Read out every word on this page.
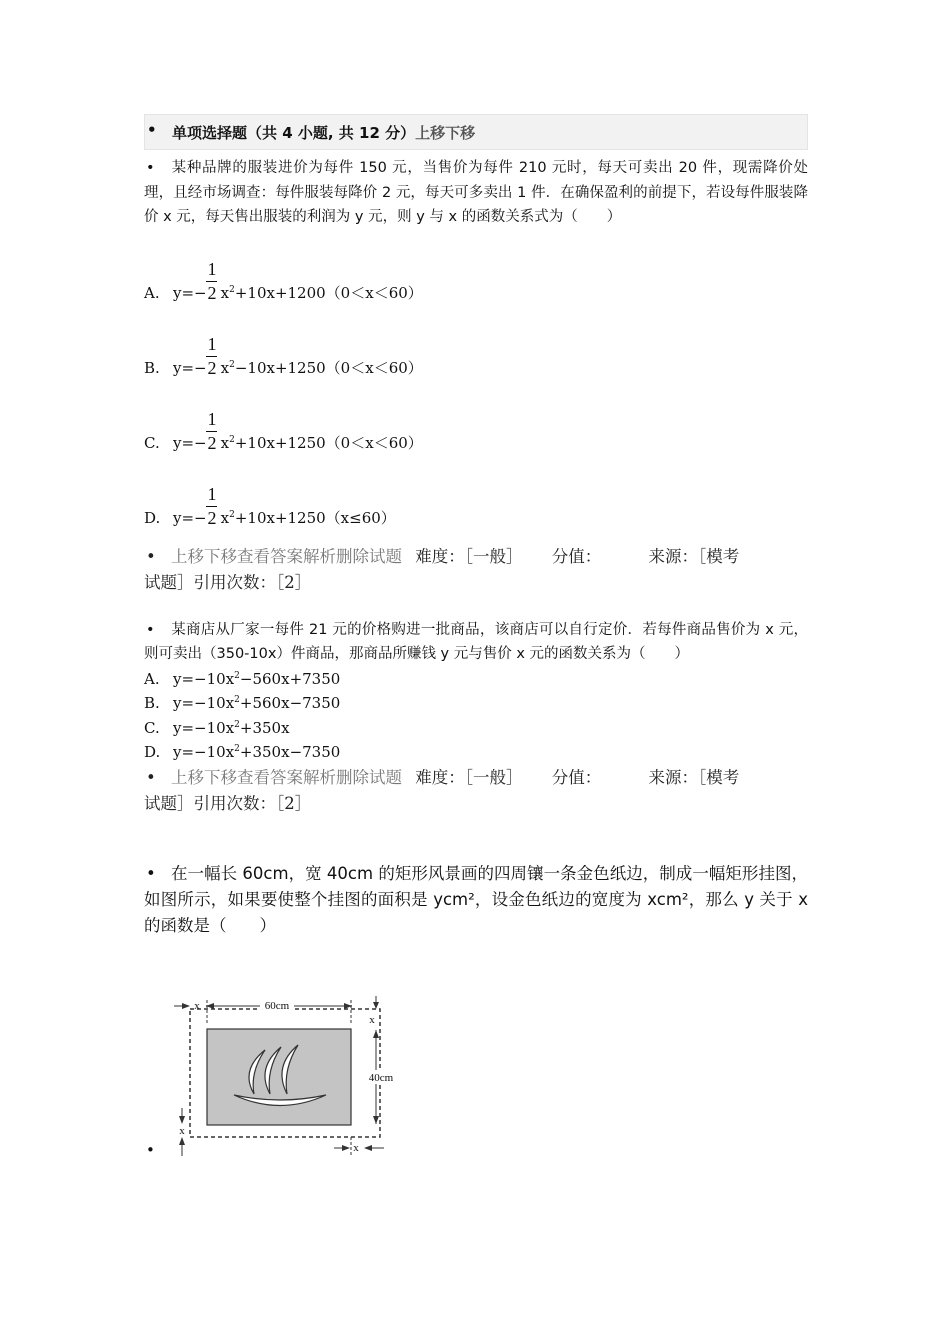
• 单项选择题（共 4 小题, 共 12 分） 上移下移
• 某种品牌的服装进价为每件 150 元，当售价为每件 210 元时，每天可卖出 20 件，现需降价处理，且经市场调查：每件服装每降价 2 元，每天可多卖出 1 件．在确保盈利的前提下，若设每件服装降价 x 元，每天售出服装的利润为 y 元，则 y 与 x 的函数关系式为（　　）
1
2
A. $y=- x^2+10x+1200(0<x<60)$
1
2
B. $y=- x^2-10x+1250(0<x<60)$
1
2
C. $y=- x^2+10x+1250(0<x<60)$
1
2
D. $y=- x^2+10x+1250(x\le 60)$
• 上移下移查看答案解析删除试题 难度：［一般］ 分值：	来源：［模考
试题］引用次数：［2］
• 某商店从厂家一每件 21 元的价格购进一批商品，该商店可以自行定价．若每件商品售价为 x 元，则可卖出（350-10x）件商品，那商品所赚钱 y 元与售价 x 元的函数关系为（　　）
A. $y=-10x^2-560x+7350$
B. $y=-10x^2+560x-7350$
C. $y=-10x^2+350x$
D. $y=-10x^2+350x-7350$
• 上移下移查看答案解析删除试题 难度：［一般］ 分值：	来源：［模考
试题］引用次数：［2］
• 在一幅长 60cm，宽 40cm 的矩形风景画的四周镶一条金色纸边，制成一幅矩形挂图，如图所示，如果要使整个挂图的面积是 ycm²，设金色纸边的宽度为 xcm²，那么 y 关于 x 的函数是（　　）
60cm
x
x
40cm
x
x
•
